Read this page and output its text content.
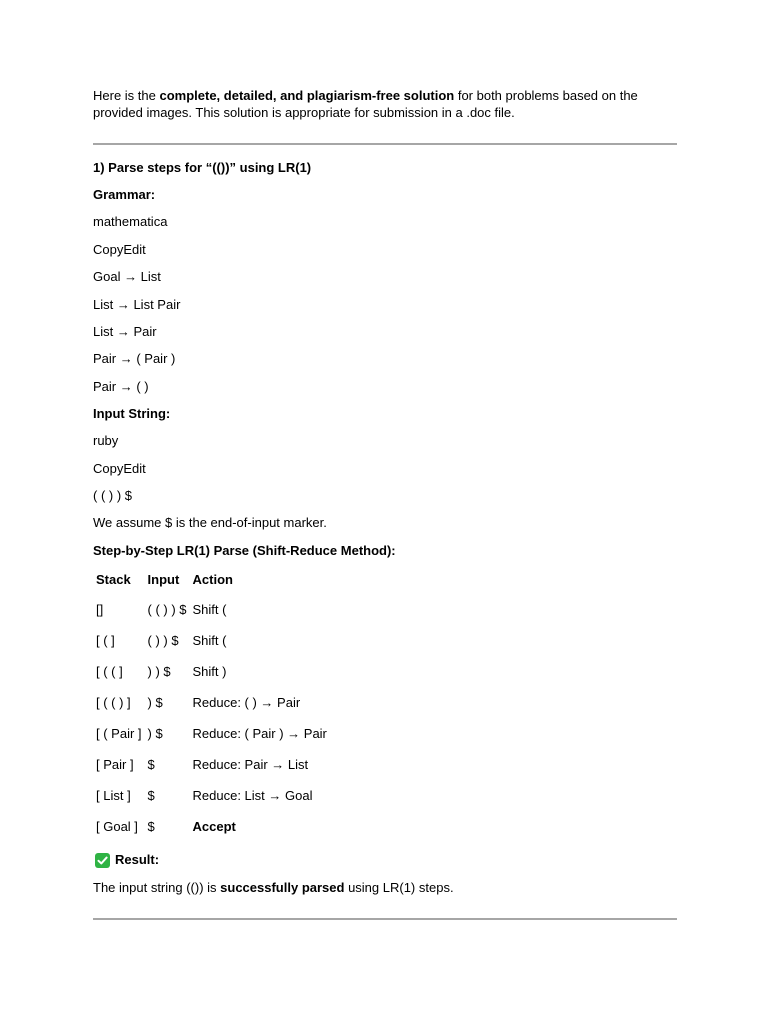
Here is the complete, detailed, and plagiarism-free solution for both problems based on the provided images. This solution is appropriate for submission in a .doc file.
1) Parse steps for “(())” using LR(1)
Grammar:
mathematica
CopyEdit
Goal → List
List → List Pair
List → Pair
Pair → ( Pair )
Pair → ( )
Input String:
ruby
CopyEdit
( ( ) ) $
We assume $ is the end-of-input marker.
Step-by-Step LR(1) Parse (Shift-Reduce Method):
Stack	Input	Action
[]	( ( ) ) $	Shift (
[ ( ]	( ) ) $	Shift (
[ ( ( ]	) ) $	Shift )
[ ( ( ) ]	) $	Reduce: ( ) → Pair
[ ( Pair ]	) $	Reduce: ( Pair ) → Pair
[ Pair ]	$	Reduce: Pair → List
[ List ]	$	Reduce: List → Goal
[ Goal ]	$	Accept
Result:
The input string (()) is successfully parsed using LR(1) steps.
